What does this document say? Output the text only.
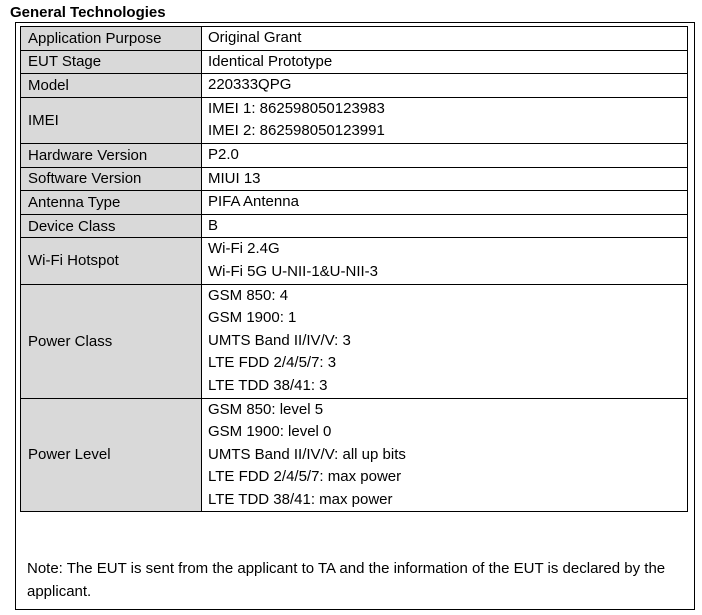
General Technologies
Application Purpose	Original Grant

EUT Stage	Identical Prototype

Model	220333QPG

IMEI	IMEI 1: 862598050123983
IMEI 2: 862598050123991

Hardware Version	P2.0

Software Version	MIUI 13

Antenna Type	PIFA Antenna

Device Class	B

Wi-Fi Hotspot	Wi-Fi 2.4G
Wi-Fi 5G U-NII-1&U-NII-3

Power Class	GSM 850: 4
GSM 1900: 1
UMTS Band II/IV/V: 3
LTE FDD 2/4/5/7: 3
LTE TDD 38/41: 3

Power Level	GSM 850: level 5
GSM 1900: level 0
UMTS Band II/IV/V: all up bits
LTE FDD 2/4/5/7: max power
LTE TDD 38/41: max power
Note: The EUT is sent from the applicant to TA and the information of the EUT is declared by the applicant.
